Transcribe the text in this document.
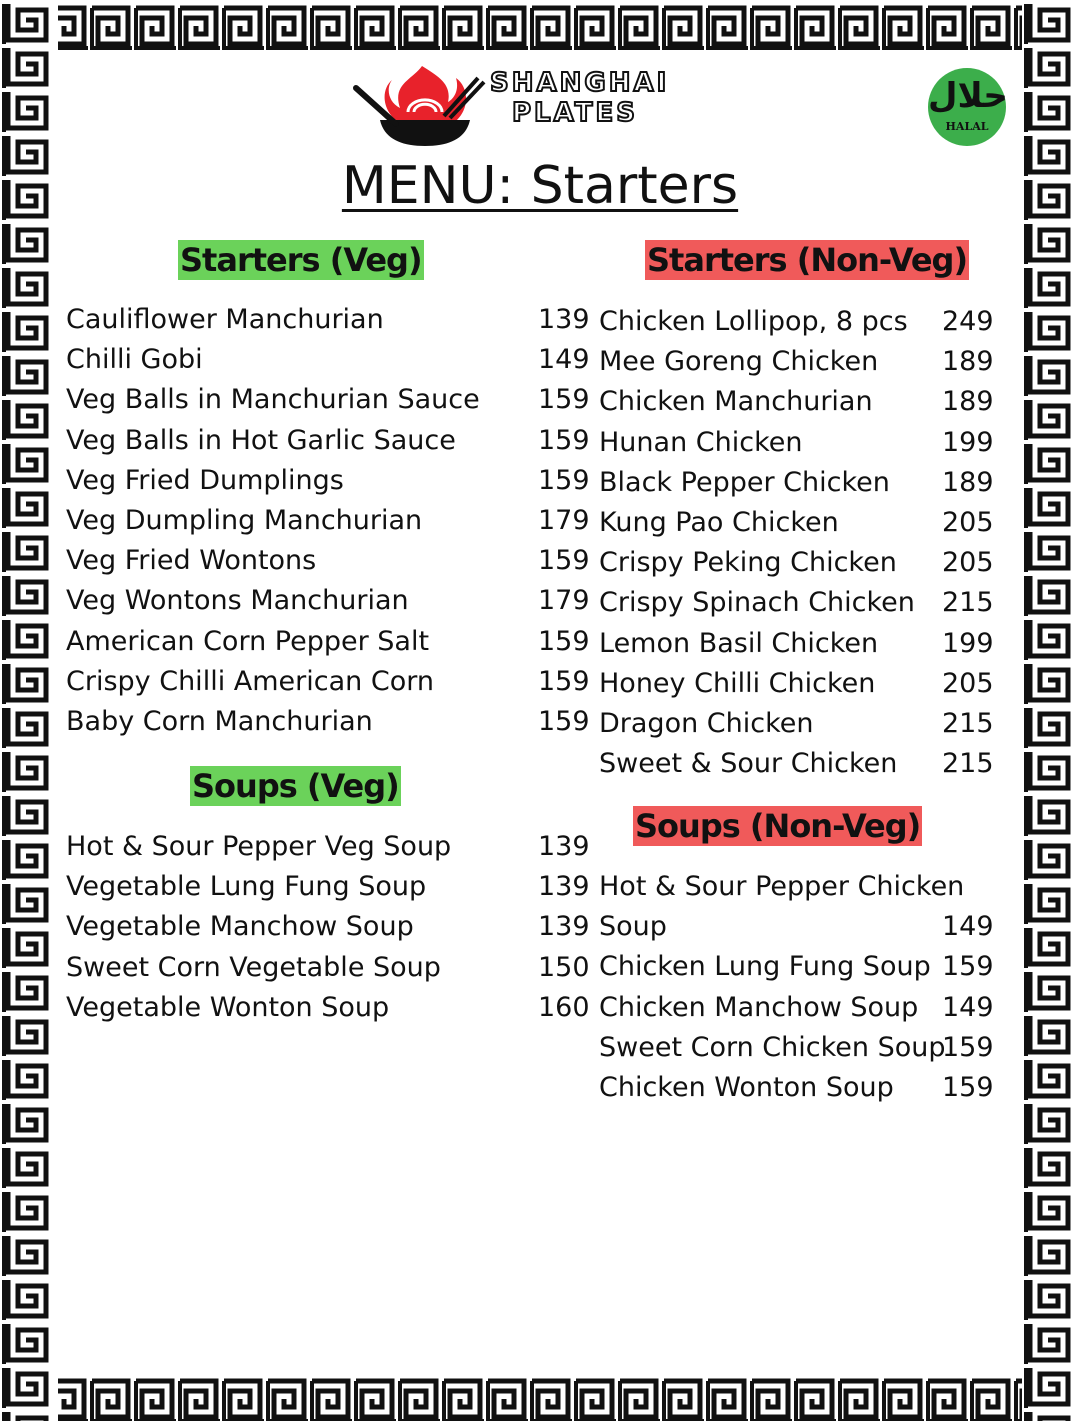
SHANGHAI
PLATES	حلال
HALAL
MENU: Starters
Starters (Veg)
Soups (Veg)
Starters (Non-Veg)
Soups (Non-Veg)
Cauliflower Manchurian	139
Chilli Gobi	149
Veg Balls in Manchurian Sauce 159
Veg Balls in Hot Garlic Sauce	159
Veg Fried Dumplings	159
Veg Dumpling Manchurian	179
Veg Fried Wontons	159
Veg Wontons Manchurian	179
American Corn Pepper Salt	159
Crispy Chilli American Corn	159
Baby Corn Manchurian	159
Hot & Sour Pepper Veg Soup	139
Vegetable Lung Fung Soup	139
Vegetable Manchow Soup	139
Sweet Corn Vegetable Soup	150
Vegetable Wonton Soup	160
Chicken Lollipop, 8 pcs 249
Mee Goreng Chicken 189
Chicken Manchurian	189
Hunan Chicken	199
Black Pepper Chicken 189
Kung Pao Chicken	205
Crispy Peking Chicken 205
Crispy Spinach Chicken 215
Lemon Basil Chicken 199
Honey Chilli Chicken 205
Dragon Chicken	215
Sweet & Sour Chicken 215
Hot & Sour Pepper Chicken
Soup	149
Chicken Lung Fung Soup 159
Chicken Manchow Soup 149
Sweet Corn Chicken Soup
159
Chicken Wonton Soup 159
